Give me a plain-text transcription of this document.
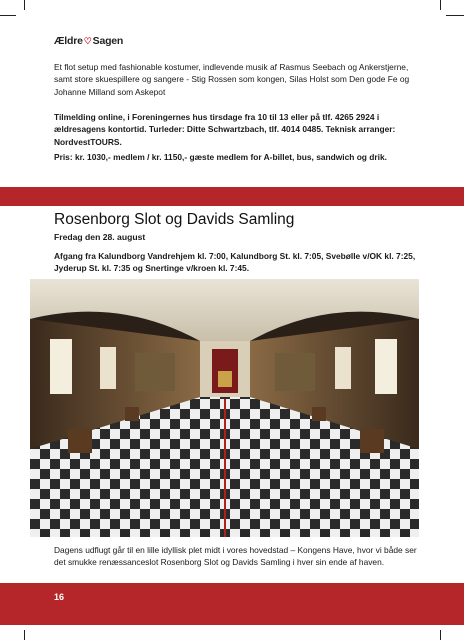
Ældre♡Sagen

Et flot setup med fashionable kostumer, indlevende musik af Rasmus Seebach og Ankerstjerne, samt store skuespillere og sangere - Stig Rossen som kongen, Silas Holst som Den gode Fe og Johanne Milland som Askepot

Tilmelding online, i Foreningernes hus tirsdage fra 10 til 13 eller på tlf. 4265 2924 i ældresagens kontortid. Turleder: Ditte Schwartzbach, tlf. 4014 0485. Teknisk arranger: NordvestTOURS.

Pris: kr. 1030,- medlem / kr. 1150,- gæste medlem for A-billet, bus, sandwich og drik.

Rosenborg Slot og Davids Samling
Fredag den 28. august

Afgang fra Kalundborg Vandrehjem kl. 7:00, Kalundborg St. kl. 7:05, Svebølle v/OK kl. 7:25, Jyderup St. kl. 7:35 og Snertinge v/kroen kl. 7:45.

Dagens udflugt går til en lille idyllisk plet midt i vores hovedstad – Kongens Have, hvor vi både ser det smukke renæssanceslot Rosenborg Slot og Davids Samling i hver sin ende af haven.

16
